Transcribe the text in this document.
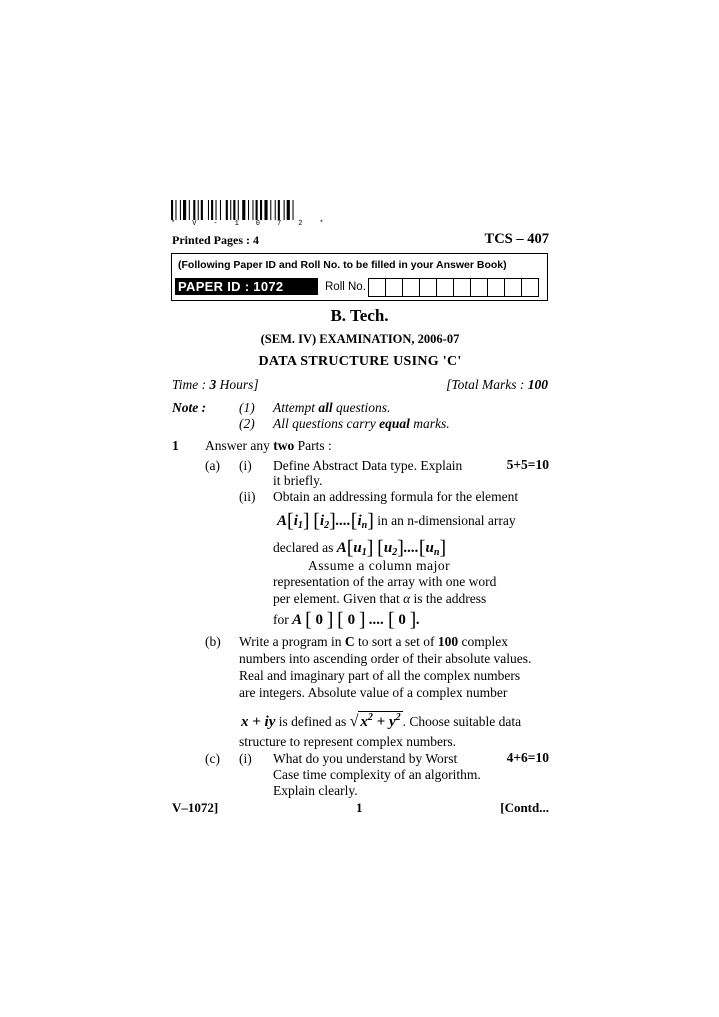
* V - 1 0 7 2 *
Printed Pages : 4	TCS – 407
(Following Paper ID and Roll No. to be filled in your Answer Book)
PAPER ID : 1072	Roll No.
B. Tech.
(SEM. IV) EXAMINATION, 2006-07
DATA STRUCTURE USING 'C'
Time : 3 Hours]	[Total Marks : 100
Note : (1) Attempt all questions.
(2) All questions carry equal marks.
1 Answer any two Parts :
(a) (i) Define Abstract Data type. Explain	5+5=10
it briefly.
(ii) Obtain an addressing formula for the element
$A[i_1]$ $[i_2]....[i_n]$ in an n-dimensional array
declared as $A[u_1]$ $[u_2]....[u_n]$
Assume a column major
representation of the array with one word
per element. Given that α is the address
for A [ 0 ] [ 0 ] .... [ 0 ].
(b) Write a program in C to sort a set of 100 complex
numbers into ascending order of their absolute values.
Real and imaginary part of all the complex numbers
are integers. Absolute value of a complex number
x + iy is defined as √ $x^2 + y^2$ . Choose suitable data
structure to represent complex numbers.
(c) (i) What do you understand by Worst	4+6=10
Case time complexity of an algorithm.
Explain clearly.
V–1072]	1	[Contd...
